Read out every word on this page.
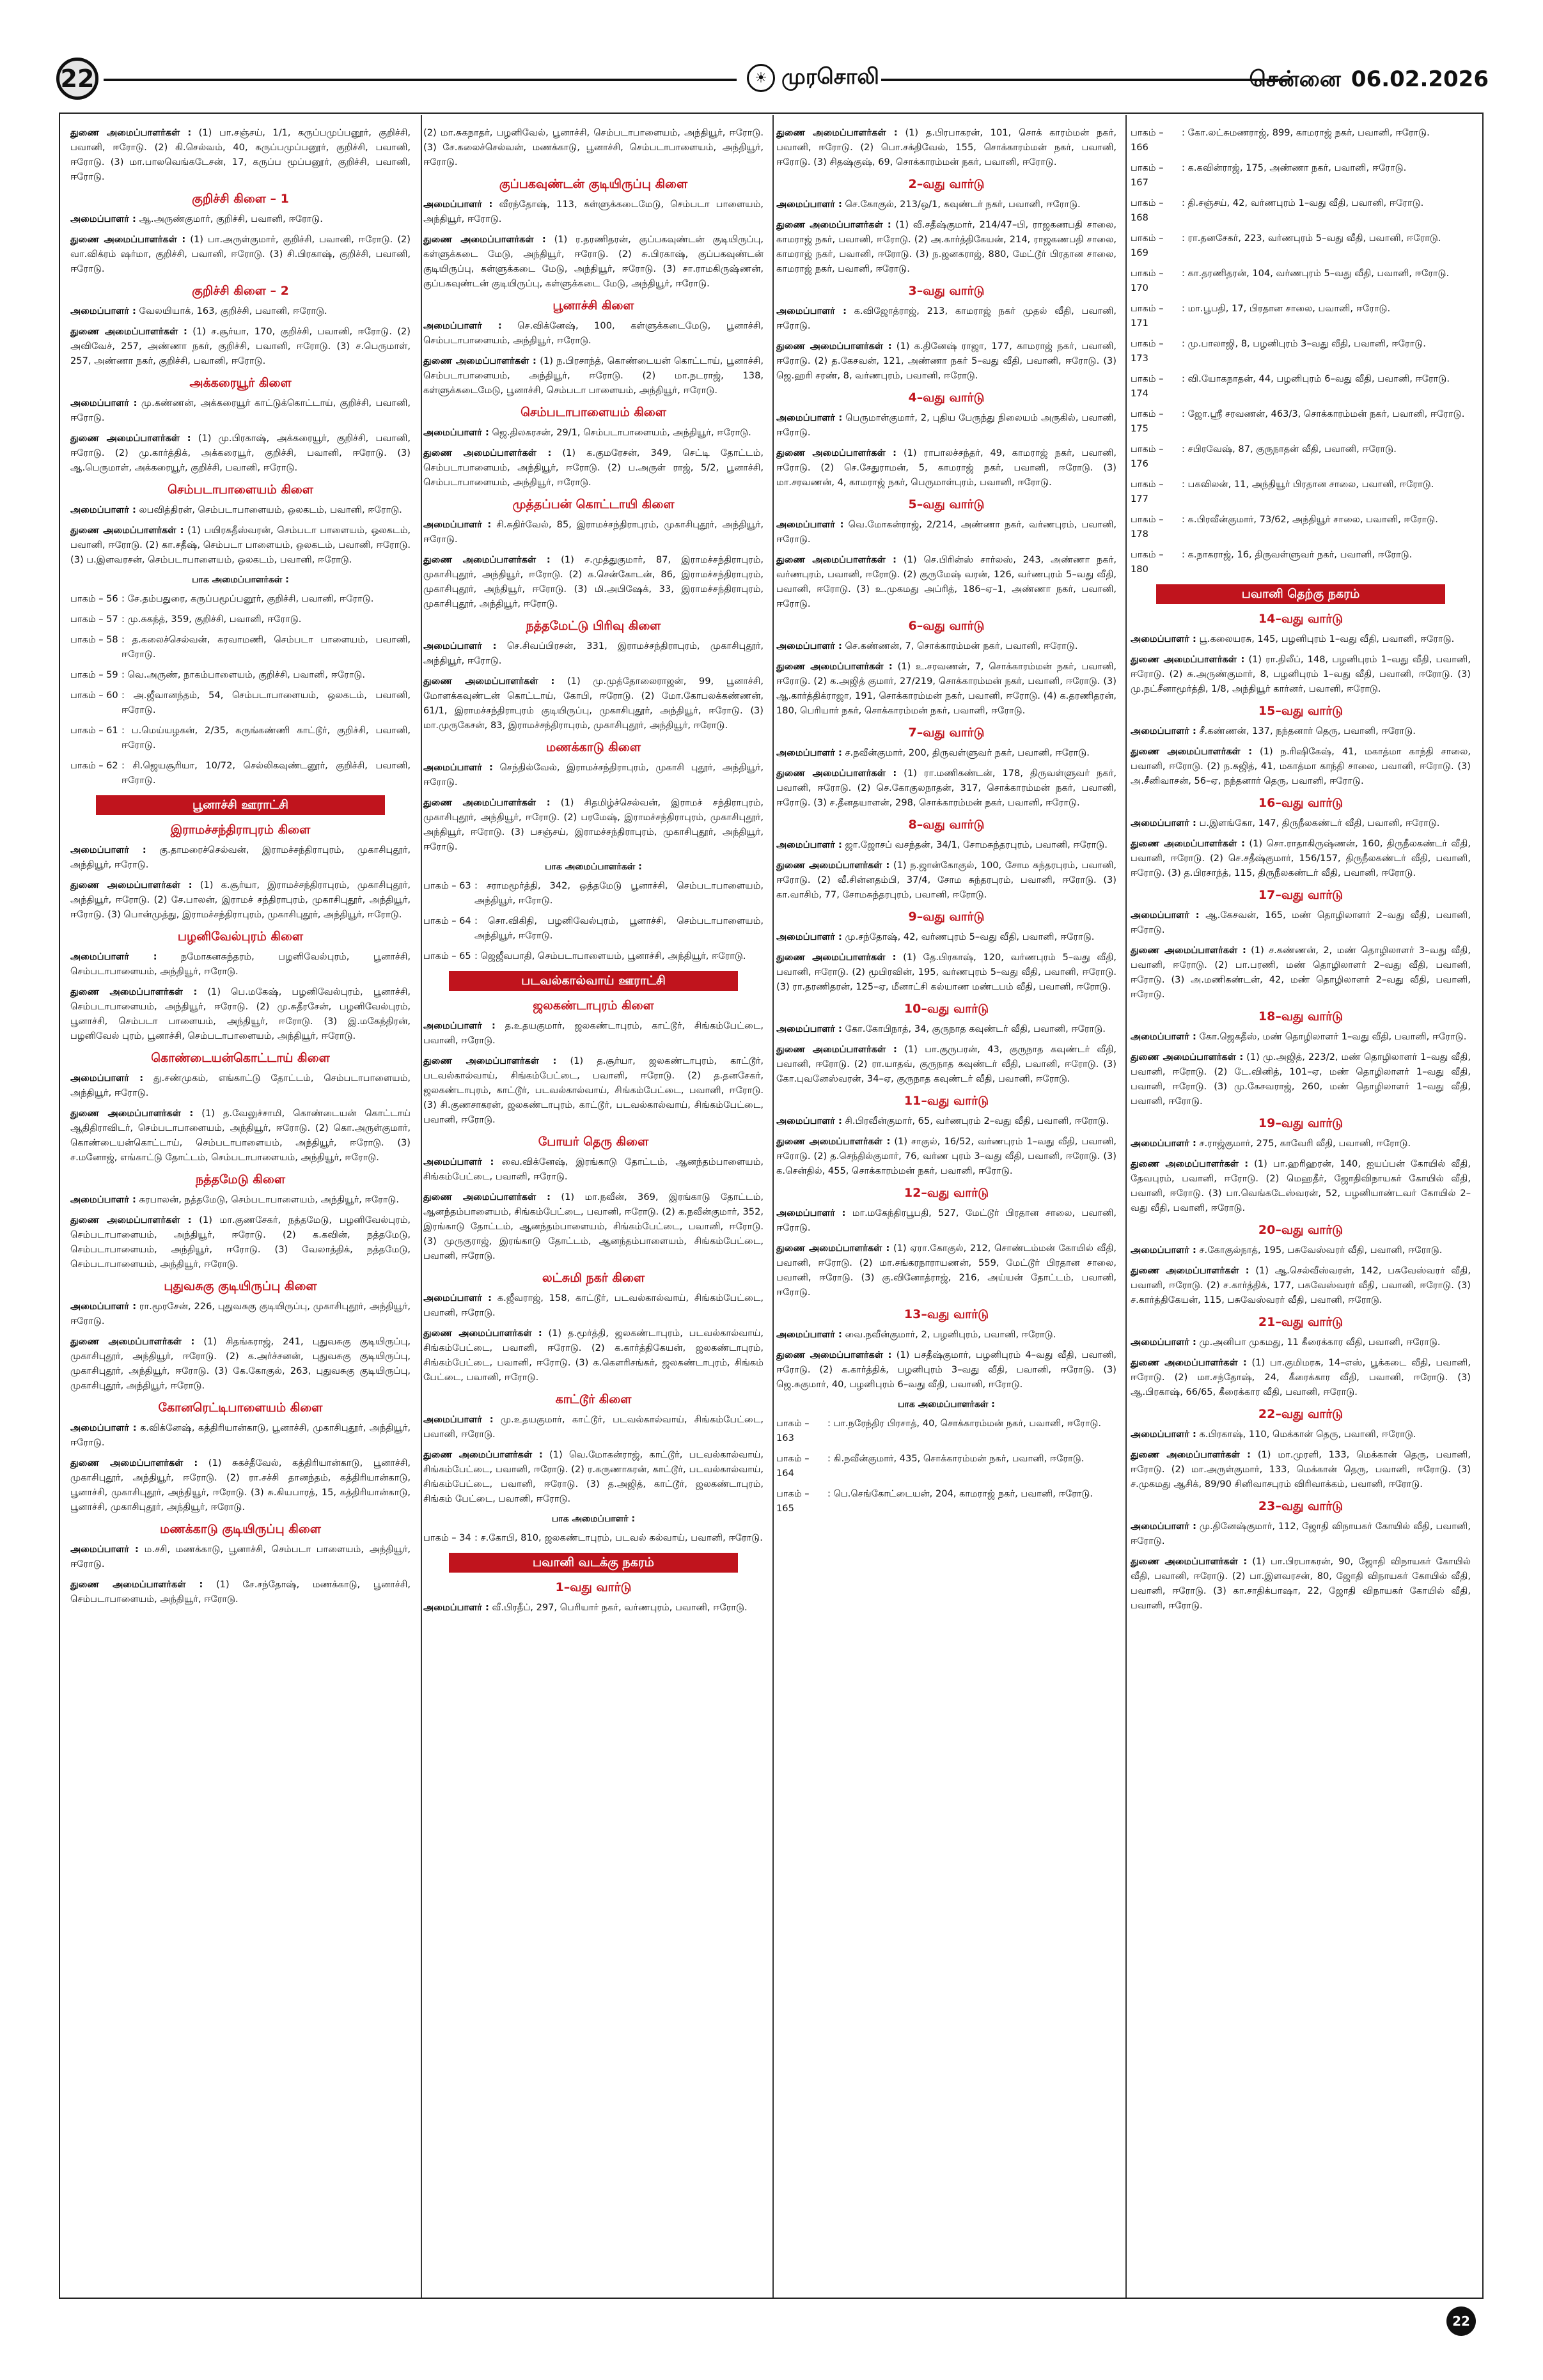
22	☀ முரசொலி	சென்னை 06.02.2026

துணை அமைப்பாளர்கள் : (1) பா.சஞ்சய், 1/1, கருப்பமுப்பனூர், குறிச்சி, பவானி, ஈரோடு. (2) கி.செல்வம், 40, கருப்பமுப்பனூர், குறிச்சி, பவானி, ஈரோடு. (3) மா.பாலவெங்கடேசன், 17, கருப்ப மூப்பனூர், குறிச்சி, பவானி, ஈரோடு.

குறிச்சி கிளை – 1

அமைப்பாளர் : ஆ.அருண்குமார், குறிச்சி, பவானி, ஈரோடு.

துணை அமைப்பாளர்கள் : (1) பா.அருள்குமார், குறிச்சி, பவானி, ஈரோடு. (2) வா.விக்ரம் ஷர்மா, குறிச்சி, பவானி, ஈரோடு. (3) சி.பிரகாஷ், குறிச்சி, பவானி, ஈரோடு.

குறிச்சி கிளை – 2

அமைப்பாளர் : வேலயியாக், 163, குறிச்சி, பவானி, ஈரோடு.

துணை அமைப்பாளர்கள் : (1) ச.சூர்யா, 170, குறிச்சி, பவானி, ஈரோடு. (2) அவிவேச், 257, அண்ணா நகர், குறிச்சி, பவானி, ஈரோடு. (3) ச.பெருமாள், 257, அண்ணா நகர், குறிச்சி, பவானி, ஈரோடு.

அக்கரையூர் கிளை

அமைப்பாளர் : மு.கண்ணன், அக்கரையூர் காட்டுக்கொட்டாய், குறிச்சி, பவானி, ஈரோடு.

துணை அமைப்பாளர்கள் : (1) மு.பிரகாஷ், அக்கரையூர், குறிச்சி, பவானி, ஈரோடு. (2) மு.கார்த்திக், அக்கரையூர், குறிச்சி, பவானி, ஈரோடு. (3) ஆ.பெருமாள், அக்கரையூர், குறிச்சி, பவானி, ஈரோடு.

செம்படாபாளையம் கிளை

அமைப்பாளர் : லபவித்திரன், செம்படாபாளையம், ஒலகடம், பவானி, ஈரோடு.

துணை அமைப்பாளர்கள் : (1) பயிரகதீஸ்வரன், செம்படா பாளையம், ஒலகடம், பவானி, ஈரோடு. (2) கா.சதீஷ், செம்படா பாளையம், ஒலகடம், பவானி, ஈரோடு. (3) ப.இளவரசன், செம்படாபாளையம், ஒலகடம், பவானி, ஈரோடு.

பாக அமைப்பாளர்கள் :
பாகம் – 56 : சே.தம்பதுரை, கருப்பமூப்பனூர், குறிச்சி, பவானி, ஈரோடு.
பாகம் – 57 : மு.சுகந்த், 359, குறிச்சி, பவானி, ஈரோடு.
பாகம் – 58 : த.கலைச்செல்வன், கரவாமணி, செம்படா பாளையம், பவானி, ஈரோடு.
பாகம் – 59 : வெ.அருண், நாகம்பாளையம், குறிச்சி, பவானி, ஈரோடு.
பாகம் – 60 : அ.ஜீவானந்தம், 54, செம்படாபாளையம், ஒலகடம், பவானி, ஈரோடு.
பாகம் – 61 : ப.மெய்யழகன், 2/35, கருங்கண்ணி காட்டூர், குறிச்சி, பவானி, ஈரோடு.
பாகம் – 62 : சி.ஜெயசூரியா, 10/72, செல்லிகவுண்டனூர், குறிச்சி, பவானி, ஈரோடு.
பூனாச்சி ஊராட்சி
இராமச்சந்திராபுரம் கிளை

அமைப்பாளர் : கு.தாமரைச்செல்வன், இராமச்சந்திராபுரம், முகாசிபுதூர், அந்தியூர், ஈரோடு.

துணை அமைப்பாளர்கள் : (1) க.சூர்யா, இராமச்சந்திராபுரம், முகாசிபுதூர், அந்தியூர், ஈரோடு. (2) சே.பாலன், இராமச் சந்திராபுரம், முகாசிபுதூர், அந்தியூர், ஈரோடு. (3) பொன்முத்து, இராமச்சந்திராபுரம், முகாசிபுதூர், அந்தியூர், ஈரோடு.

பழனிவேல்புரம் கிளை

அமைப்பாளர் :	நமோகனசுந்தரம், பழனிவேல்புரம், பூனாச்சி, செம்படாபாளையம், அந்தியூர், ஈரோடு.

துணை அமைப்பாளர்கள் : (1) பெ.மகேஷ், பழனிவேல்புரம், பூனாச்சி, செம்படாபாளையம், அந்தியூர், ஈரோடு. (2) மு.சுதீரசேன், பழனிவேல்புரம், பூனாச்சி, செம்படா பாளையம், அந்தியூர், ஈரோடு. (3) இ.மகேந்திரன், பழனிவேல் புரம், பூனாச்சி, செம்படாபாளையம், அந்தியூர், ஈரோடு.

கொண்டையன்கொட்டாய் கிளை

அமைப்பாளர் : து.சண்முகம், எங்காட்டு தோட்டம், செம்படாபாளையம், அந்தியூர், ஈரோடு.

துணை அமைப்பாளர்கள் : (1) த.வேலுச்சாமி, கொண்டையன் கொட்டாய் ஆதிதிராவிடர், செம்படாபாளையம், அந்தியூர், ஈரோடு. (2) கொ.அருள்குமார், கொண்டையன்கொட்டாய், செம்படாபாளையம், அந்தியூர், ஈரோடு. (3) ச.மனோஜ், எங்காட்டு தோட்டம், செம்படாபாளையம், அந்தியூர், ஈரோடு.

நத்தமேடு கிளை

அமைப்பாளர் : சுரபாலன், நத்தமேடு, செம்படாபாளையம், அந்தியூர், ஈரோடு.

துணை அமைப்பாளர்கள் : (1) மா.குணசேகர், நத்தமேடு, பழனிவேல்புரம், செம்படாபாளையம், அந்தியூர், ஈரோடு. (2) க.கவின், நத்தமேடு, செம்படாபாளையம், அந்தியூர், ஈரோடு. (3) வேலாத்திக், நத்தமேடு, செம்படாபாளையம், அந்தியூர், ஈரோடு.

புதுவசுகு குடியிருப்பு கிளை

அமைப்பாளர் : ரா.மூரசேன், 226, புதுவசுகு குடியிருப்பு, முகாசிபுதூர், அந்தியூர், ஈரோடு.

துணை அமைப்பாளர்கள் : (1) சிதங்கராஜ், 241, புதுவசுகு குடியிருப்பு, முகாசிபுதூர், அந்தியூர், ஈரோடு. (2) க.அர்ச்சனன், புதுவசுகு குடியிருப்பு, முகாசிபுதூர், அந்தியூர், ஈரோடு. (3) கே.கோகுல், 263, புதுவசுகு குடியிருப்பு, முகாசிபுதூர், அந்தியூர், ஈரோடு.

கோனரெட்டிபாளையம் கிளை

அமைப்பாளர் : க.விக்னேஷ், கத்திரியான்காடு, பூனாச்சி, முகாசிபுதூர், அந்தியூர், ஈரோடு.

துணை அமைப்பாளர்கள் : (1) சுகச்தீவேல், கத்திரியான்காடு, பூனாச்சி, முகாசிபுதூர், அந்தியூர், ஈரோடு. (2) ரா.சச்சி தானந்தம், கத்திரியான்காடு, பூனாச்சி, முகாசிபுதூர், அந்தியூர், ஈரோடு. (3) சு.கியபாரத், 15, கத்திரியான்காடு, பூனாச்சி, முகாசிபுதூர், அந்தியூர், ஈரோடு.

மணக்காடு குடியிருப்பு கிளை

அமைப்பாளர் : ம.சசி, மணக்காடு, பூனாச்சி, செம்படா பாளையம், அந்தியூர், ஈரோடு.

துணை அமைப்பாளர்கள் : (1) சே.சந்தோஷ், மணக்காடு, பூனாச்சி, செம்படாபாளையம், அந்தியூர், ஈரோடு.

(2) மா.சுகநாதர், பழனிவேல், பூனாச்சி, செம்படாபாளையம், அந்தியூர், ஈரோடு. (3) சே.கலைச்செல்வன், மணக்காடு, பூனாச்சி, செம்படாபாளையம், அந்தியூர், ஈரோடு.

குப்பகவுண்டன் குடியிருப்பு கிளை

அமைப்பாளர் : வீரந்தோஷ், 113, கள்ளுக்கடைமேடு, செம்படா பாளையம், அந்தியூர், ஈரோடு.

துணை அமைப்பாளர்கள் : (1) ர.தரணிதரன், குப்பகவுண்டன் குடியிருப்பு, கள்ளுக்கடை மேடு, அந்தியூர், ஈரோடு. (2) சு.பிரகாஷ், குப்பகவுண்டன் குடியிருப்பு, கள்ளுக்கடை மேடு, அந்தியூர், ஈரோடு. (3) சா.ராமகிருஷ்ணன், குப்பகவுண்டன் குடியிருப்பு, கள்ளுக்கடை மேடு, அந்தியூர், ஈரோடு.

பூனாச்சி கிளை

அமைப்பாளர் : செ.விக்னேஷ், 100, கள்ளுக்கடைமேடு, பூனாச்சி, செம்படாபாளையம், அந்தியூர், ஈரோடு.

துணை அமைப்பாளர்கள் : (1) ந.பிரசாந்த், கொண்டையன் கொட்டாய், பூனாச்சி, செம்படாபாளையம், அந்தியூர், ஈரோடு. (2) மா.நடராஜ், 138, கள்ளுக்கடைமேடு, பூனாச்சி, செம்படா பாளையம், அந்தியூர், ஈரோடு.

செம்படாபாளையம் கிளை

அமைப்பாளர் : ஜெ.திலகரசன், 29/1, செம்படாபாளையம், அந்தியூர், ஈரோடு.

துணை அமைப்பாளர்கள் : (1) க.குமரேசன், 349, செட்டி தோட்டம், செம்படாபாளையம், அந்தியூர், ஈரோடு. (2) ப.அருள் ராஜ், 5/2, பூனாச்சி, செம்படாபாளையம், அந்தியூர், ஈரோடு.

முத்தப்பன் கொட்டாயி கிளை

அமைப்பாளர் : சி.சுதிர்வேல், 85, இராமச்சந்திராபுரம், முகாசிபுதூர், அந்தியூர், ஈரோடு.

துணை அமைப்பாளர்கள் : (1) ச.முத்துகுமார், 87, இராமச்சந்திராபுரம், முகாசிபுதூர், அந்தியூர், ஈரோடு. (2) க.சென்கோடன், 86, இராமச்சந்திராபுரம், முகாசிபுதூர், அந்தியூர், ஈரோடு. (3) மி.அபிஷேக், 33, இராமச்சந்திராபுரம், முகாசிபுதூர், அந்தியூர், ஈரோடு.

நத்தமேட்டு பிரிவு கிளை

அமைப்பாளர் : செ.சிவப்பிரசன், 331, இராமச்சந்திராபுரம், முகாசிபுதூர், அந்தியூர், ஈரோடு.

துணை அமைப்பாளர்கள் : (1) மு.முத்தோலைராஜன், 99, பூனாச்சி, மோளக்கவுண்டன் கொட்டாய், கோபி, ஈரோடு. (2) மோ.கோபலக்கண்ணன், 61/1, இராமச்சந்திராபுரம் குடியிருப்பு, முகாசிபுதூர், அந்தியூர், ஈரோடு. (3) மா.முருகேசன், 83, இராமச்சந்திராபுரம், முகாசிபுதூர், அந்தியூர், ஈரோடு.

மணக்காடு கிளை

அமைப்பாளர் : செந்தில்வேல், இராமச்சந்திராபுரம், முகாசி புதூர், அந்தியூர், ஈரோடு.

துணை அமைப்பாளர்கள் : (1) சிதமிழ்ச்செல்வன், இராமச் சந்திராபுரம், முகாசிபுதூர், அந்தியூர், ஈரோடு. (2) பரமேஷ், இராமச்சந்திராபுரம், முகாசிபுதூர், அந்தியூர், ஈரோடு. (3) பசஞ்சய், இராமச்சந்திராபுரம், முகாசிபுதூர், அந்தியூர், ஈரோடு.

பாக அமைப்பாளர்கள் :
பாகம் – 63 : சராமமூர்த்தி, 342, ஒத்தமேடு பூனாச்சி, செம்படாபாளையம், அந்தியூர், ஈரோடு.
பாகம் – 64 : சொ.விகிதி, பழனிவேல்புரம், பூனாச்சி, செம்படாபாளையம், அந்தியூர், ஈரோடு.
பாகம் – 65 : ஜெஜீவபாதி, செம்படாபாளையம், பூனாச்சி, அந்தியூர், ஈரோடு.
படவல்கால்வாய் ஊராட்சி
ஜலகண்டாபுரம் கிளை

அமைப்பாளர் : த.உதயகுமார், ஜலகண்டாபுரம், காட்டூர், சிங்கம்பேட்டை, பவானி, ஈரோடு.

துணை அமைப்பாளர்கள் : (1) த.சூர்யா, ஜலகண்டாபுரம், காட்டூர், படவல்கால்வாய், சிங்கம்பேட்டை, பவானி, ஈரோடு. (2) த.தனசேகர், ஜலகண்டாபுரம், காட்டூர், படவல்கால்வாய், சிங்கம்பேட்டை, பவானி, ஈரோடு. (3) சி.குணசாகரன், ஜலகண்டாபுரம், காட்டூர், படவல்கால்வாய், சிங்கம்பேட்டை, பவானி, ஈரோடு.

போயர் தெரு கிளை

அமைப்பாளர் : வை.விக்னேஷ், இரங்காடு தோட்டம், ஆனந்தம்பாளையம், சிங்கம்பேட்டை, பவானி, ஈரோடு.

துணை அமைப்பாளர்கள் : (1) மா.நவீன், 369, இரங்காடு தோட்டம், ஆனந்தம்பாளையம், சிங்கம்பேட்டை, பவானி, ஈரோடு. (2) க.நவீன்குமார், 352, இரங்காடு தோட்டம், ஆனந்தம்பாளையம், சிங்கம்பேட்டை, பவானி, ஈரோடு. (3) முருகுராஜ், இரங்காடு தோட்டம், ஆனந்தம்பாளையம், சிங்கம்பேட்டை, பவானி, ஈரோடு.

லட்சுமி நகர் கிளை

அமைப்பாளர் : க.ஜீவராஜ், 158, காட்டூர், படவல்கால்வாய், சிங்கம்பேட்டை, பவானி, ஈரோடு.

துணை அமைப்பாளர்கள் : (1) த.மூர்த்தி, ஜலகண்டாபுரம், படவல்கால்வாய், சிங்கம்பேட்டை, பவானி, ஈரோடு. (2) க.கார்த்திகேயன், ஜலகண்டாபுரம், சிங்கம்பேட்டை, பவானி, ஈரோடு. (3) க.கௌரிசங்கர், ஜலகண்டாபுரம், சிங்கம் பேட்டை, பவானி, ஈரோடு.

காட்டூர் கிளை

அமைப்பாளர் : மு.உதயகுமார், காட்டூர், படவல்கால்வாய், சிங்கம்பேட்டை, பவானி, ஈரோடு.

துணை அமைப்பாளர்கள் : (1) வெ.மோகன்ராஜ், காட்டூர், படவல்கால்வாய், சிங்கம்பேட்டை, பவானி, ஈரோடு. (2) ர.கருணாகரன், காட்டூர், படவல்கால்வாய், சிங்கம்பேட்டை, பவானி, ஈரோடு. (3) த.அஜித், காட்டூர், ஜலகண்டாபுரம், சிங்கம் பேட்டை, பவானி, ஈரோடு.

பாக அமைப்பாளர் :
பாகம் – 34 : ச.கோபி, 810, ஜலகண்டாபுரம், படவல் கல்வாய், பவானி, ஈரோடு.
பவானி வடக்கு நகரம்
1–வது வார்டு

அமைப்பாளர் : வீ.பிரதீப், 297, பெரியார் நகர், வர்ணபுரம், பவானி, ஈரோடு.

துணை அமைப்பாளர்கள் : (1) த.பிரபாகரன், 101, சொக் காரம்மன் நகர், பவானி, ஈரோடு. (2) பொ.சக்திவேல், 155, சொக்காரம்மன் நகர், பவானி, ஈரோடு. (3) சிதஷ்குஷ், 69, சொக்காரம்மன் நகர், பவானி, ஈரோடு.

2–வது வார்டு

அமைப்பாளர் : செ.கோகுல், 213/ஒ/1, கவுண்டர் நகர், பவானி, ஈரோடு.

துணை அமைப்பாளர்கள் : (1) வீ.சதீஷ்குமார், 214/47–பி, ராஜகணபதி சாலை, காமராஜ் நகர், பவானி, ஈரோடு. (2) அ.கார்த்திகேயன், 214, ராஜகணபதி சாலை, காமராஜ் நகர், பவானி, ஈரோடு. (3) ந.ஜனகராஜ், 880, மேட்டூர் பிரதான சாலை, காமராஜ் நகர், பவானி, ஈரோடு.

3–வது வார்டு

அமைப்பாளர் : க.விஜோத்ராஜ், 213, காமராஜ் நகர் முதல் வீதி, பவானி, ஈரோடு.

துணை அமைப்பாளர்கள் : (1) க.தினேஷ் ராஜா, 177, காமராஜ் நகர், பவானி, ஈரோடு. (2) த.கேசவன், 121, அண்ணா நகர் 5–வது வீதி, பவானி, ஈரோடு. (3) ஜெ.ஹரி சரண், 8, வர்ணபுரம், பவானி, ஈரோடு.

4–வது வார்டு

அமைப்பாளர் : பெருமாள்குமார், 2, புதிய பேருந்து நிலையம் அருகில், பவானி, ஈரோடு.

துணை அமைப்பாளர்கள் : (1) ராபாலச்சந்தர், 49, காமராஜ் நகர், பவானி, ஈரோடு. (2) செ.சேதுராமன், 5, காமராஜ் நகர், பவானி, ஈரோடு. (3) மா.சரவணன், 4, காமராஜ் நகர், பெருமாள்புரம், பவானி, ஈரோடு.

5–வது வார்டு

அமைப்பாளர் : வெ.மோகன்ராஜ், 2/214, அண்ணா நகர், வர்ணபுரம், பவானி, ஈரோடு.

துணை அமைப்பாளர்கள் : (1) செ.பிரின்ஸ் சார்லஸ், 243, அண்ணா நகர், வர்ணபுரம், பவானி, ஈரோடு. (2) குருமேஷ் வரன், 126, வர்ணபுரம் 5–வது வீதி, பவானி, ஈரோடு. (3) உ.முகமது அப்ரித், 186–ஏ–1, அண்ணா நகர், பவானி, ஈரோடு.

6–வது வார்டு

அமைப்பாளர் : செ.கண்ணன், 7, சொக்காரம்மன் நகர், பவானி, ஈரோடு.

துணை அமைப்பாளர்கள் : (1) உ.சரவணன், 7, சொக்காரம்மன் நகர், பவானி, ஈரோடு. (2) க.அஜித் குமார், 27/219, சொக்காரம்மன் நகர், பவானி, ஈரோடு. (3) ஆ.கார்த்திக்ராஜா, 191, சொக்காரம்மன் நகர், பவானி, ஈரோடு. (4) க.தரணிதரன், 180, பெரியார் நகர், சொக்காரம்மன் நகர், பவானி, ஈரோடு.

7–வது வார்டு

அமைப்பாளர் : ச.நவீன்குமார், 200, திருவள்ளுவர் நகர், பவானி, ஈரோடு.

துணை அமைப்பாளர்கள் : (1) ரா.மணிகண்டன், 178, திருவள்ளுவர் நகர், பவானி, ஈரோடு. (2) செ.கோகுலநாதன், 317, சொக்காரம்மன் நகர், பவானி, ஈரோடு. (3) ச.தீனதயாளன், 298, சொக்காரம்மன் நகர், பவானி, ஈரோடு.

8–வது வார்டு

அமைப்பாளர் : ஜா.ஜோசப் வசந்தன், 34/1, சோமசுந்தரபுரம், பவானி, ஈரோடு.

துணை அமைப்பாளர்கள் : (1) ந.ஜான்கோகுல், 100, சோம சுந்தரபுரம், பவானி, ஈரோடு. (2) வீ.சின்னதம்பி, 37/4, சோம சுந்தரபுரம், பவானி, ஈரோடு. (3) கா.வாசிம், 77, சோமசுந்தரபுரம், பவானி, ஈரோடு.

9–வது வார்டு

அமைப்பாளர் : மு.சந்தோஷ், 42, வர்ணபுரம் 5–வது வீதி, பவானி, ஈரோடு.

துணை அமைப்பாளர்கள் : (1) தே.பிரகாஷ், 120, வர்ணபுரம் 5–வது வீதி, பவானி, ஈரோடு. (2) மூபிரவின், 195, வர்ணபுரம் 5–வது வீதி, பவானி, ஈரோடு. (3) ரா.தரணிதரன், 125–ஏ, மீனாட்சி கல்யாண மண்டபம் வீதி, பவானி, ஈரோடு.

10–வது வார்டு

அமைப்பாளர் : கோ.கோபிநாத், 34, குருநாத கவுண்டர் வீதி, பவானி, ஈரோடு.

துணை அமைப்பாளர்கள் : (1) பா.குருபரன், 43, குருநாத கவுண்டர் வீதி, பவானி, ஈரோடு. (2) ரா.யாதவ், குருநாத கவுண்டர் வீதி, பவானி, ஈரோடு. (3) கோ.புவனேஸ்வரன், 34–ஏ, குருநாத கவுண்டர் வீதி, பவானி, ஈரோடு.

11–வது வார்டு

அமைப்பாளர் : சி.பிரவீன்குமார், 65, வர்ணபுரம் 2–வது வீதி, பவானி, ஈரோடு.

துணை அமைப்பாளர்கள் : (1) சாகுல், 16/52, வர்ணபுரம் 1–வது வீதி, பவானி, ஈரோடு. (2) த.செந்தில்குமார், 76, வர்ண புரம் 3–வது வீதி, பவானி, ஈரோடு. (3) க.சென்தில், 455, சொக்காரம்மன் நகர், பவானி, ஈரோடு.

12–வது வார்டு

அமைப்பாளர் : மா.மகேந்திரபூபதி, 527, மேட்டூர் பிரதான சாலை, பவானி, ஈரோடு.

துணை அமைப்பாளர்கள் : (1) ஏரா.கோகுல், 212, சொண்டம்மன் கோயில் வீதி, பவானி, ஈரோடு. (2) மா.சங்கரநாராயணன், 559, மேட்டூர் பிரதான சாலை, பவானி, ஈரோடு. (3) கு.வினோத்ராஜ், 216, அய்யன் தோட்டம், பவானி, ஈரோடு.

13–வது வார்டு

அமைப்பாளர் : வை.நவீன்குமார், 2, பழனிபுரம், பவானி, ஈரோடு.

துணை அமைப்பாளர்கள் : (1) பசதீஷ்குமார், பழனிபுரம் 4–வது வீதி, பவானி, ஈரோடு. (2) க.கார்த்திக், பழனிபுரம் 3–வது வீதி, பவானி, ஈரோடு. (3) ஜெ.சுகுமார், 40, பழனிபுரம் 6–வது வீதி, பவானி, ஈரோடு.

பாக அமைப்பாளர்கள் :
பாகம் – 163
: பா.நரேந்திர பிரசாத், 40, சொக்காரம்மன் நகர், பவானி, ஈரோடு.
பாகம் – 164
: கி.நவீன்குமார், 435, சொக்காரம்மன் நகர், பவானி, ஈரோடு.
பாகம் – 165
: பெ.செங்கோட்டையன், 204, காமராஜ் நகர், பவானி, ஈரோடு.
பாகம் – 166
: கோ.லட்சுமணராஜ், 899, காமராஜ் நகர், பவானி, ஈரோடு.
பாகம் – 167
: க.கவின்ராஜ், 175, அண்ணா நகர், பவானி, ஈரோடு.
பாகம் – 168
: தி.சஞ்சய், 42, வர்ணபுரம் 1–வது வீதி, பவானி, ஈரோடு.
பாகம் – 169
: ரா.தனசேகர், 223, வர்ணபுரம் 5–வது வீதி, பவானி, ஈரோடு.
பாகம் – 170
: கா.தரணிதரன், 104, வர்ணபுரம் 5–வது வீதி, பவானி, ஈரோடு.
பாகம் – 171
: மா.பூபதி, 17, பிரதான சாலை, பவானி, ஈரோடு.
பாகம் – 173
: மு.பாலாஜி, 8, பழனிபுரம் 3–வது வீதி, பவானி, ஈரோடு.
பாகம் – 174
: வி.யோகநாதன், 44, பழனிபுரம் 6–வது வீதி, பவானி, ஈரோடு.
பாகம் – 175
: ஜோ.ஸ்ரீ சரவணன், 463/3, சொக்காரம்மன் நகர், பவானி, ஈரோடு.
பாகம் – 176
: சபிரவேஷ், 87, குருநாதன் வீதி, பவானி, ஈரோடு.
பாகம் – 177
: பகவிலன், 11, அந்தியூர் பிரதான சாலை, பவானி, ஈரோடு.
பாகம் – 178
: க.பிரவீன்குமார், 73/62, அந்தியூர் சாலை, பவானி, ஈரோடு.
பாகம் – 180
: க.நாகராஜ், 16, திருவள்ளுவர் நகர், பவானி, ஈரோடு.
பவானி தெற்கு நகரம்
14–வது வார்டு

அமைப்பாளர் : பூ.கலையரசு, 145, பழனிபுரம் 1–வது வீதி, பவானி, ஈரோடு.

துணை அமைப்பாளர்கள் : (1) ரா.திலீப், 148, பழனிபுரம் 1–வது வீதி, பவானி, ஈரோடு. (2) சு.அருண்குமார், 8, பழனிபுரம் 1–வது வீதி, பவானி, ஈரோடு. (3) மு.நட்சீனாமூர்த்தி, 1/8, அந்தியூர் கார்னர், பவானி, ஈரோடு.

15–வது வார்டு

அமைப்பாளர் : சீ.கண்ணன், 137, நந்தனார் தெரு, பவானி, ஈரோடு.

துணை அமைப்பாளர்கள் : (1) ந.ரிஷிகேஷ், 41, மகாத்மா காந்தி சாலை, பவானி, ஈரோடு. (2) ந.சுஜித், 41, மகாத்மா காந்தி சாலை, பவானி, ஈரோடு. (3) அ.சீனிவாசன், 56–ஏ, நந்தனார் தெரு, பவானி, ஈரோடு.

16–வது வார்டு

அமைப்பாளர் : ப.இளங்கோ, 147, திருநீலகண்டர் வீதி, பவானி, ஈரோடு.

துணை அமைப்பாளர்கள் : (1) சொ.ராதாகிருஷ்ணன், 160, திருநீலகண்டர் வீதி, பவானி, ஈரோடு. (2) செ.சதீஷ்குமார், 156/157, திருநீலகண்டர் வீதி, பவானி, ஈரோடு. (3) த.பிரசாந்த், 115, திருநீலகண்டர் வீதி, பவானி, ஈரோடு.

17–வது வார்டு

அமைப்பாளர் : ஆ.கேசவன், 165, மண் தொழிலாளர் 2–வது வீதி, பவானி, ஈரோடு.

துணை அமைப்பாளர்கள் : (1) ச.கண்ணன், 2, மண் தொழிலாளர் 3–வது வீதி, பவானி, ஈரோடு. (2) பா.பரணி, மண் தொழிலாளர் 2–வது வீதி, பவானி, ஈரோடு. (3) அ.மணிகண்டன், 42, மண் தொழிலாளர் 2–வது வீதி, பவானி, ஈரோடு.

18–வது வார்டு

அமைப்பாளர் : கோ.ஜெகதீஸ், மண் தொழிலாளர் 1–வது வீதி, பவானி, ஈரோடு.

துணை அமைப்பாளர்கள் : (1) மு.அஜித், 223/2, மண் தொழிலாளர் 1–வது வீதி, பவானி, ஈரோடு. (2) டே.வினித், 101–ஏ, மண் தொழிலாளர் 1–வது வீதி, பவானி, ஈரோடு. (3) மு.கேசவராஜ், 260, மண் தொழிலாளர் 1–வது வீதி, பவானி, ஈரோடு.

19–வது வார்டு

அமைப்பாளர் : ச.ராஜ்குமார், 275, காவேரி வீதி, பவானி, ஈரோடு.

துணை அமைப்பாளர்கள் : (1) பா.ஹரிஹரன், 140, ஐயப்பன் கோயில் வீதி, தேவபுரம், பவானி, ஈரோடு. (2) மெஹதீர், ஜோதிவிநாயகர் கோயில் வீதி, பவானி, ஈரோடு. (3) பா.வெங்கடேஸ்வரன், 52, பழனியாண்டவர் கோயில் 2–வது வீதி, பவானி, ஈரோடு.

20–வது வார்டு

அமைப்பாளர் : ச.கோகுல்நாத், 195, பசுவேஸ்வரர் வீதி, பவானி, ஈரோடு.

துணை அமைப்பாளர்கள் : (1) ஆ.செல்வீஸ்வரன், 142, பசுவேஸ்வரர் வீதி, பவானி, ஈரோடு. (2) ச.கார்த்திக், 177, பசுவேஸ்வரர் வீதி, பவானி, ஈரோடு. (3) ச.கார்த்திகேயன், 115, பசுவேஸ்வரர் வீதி, பவானி, ஈரோடு.

21–வது வார்டு

அமைப்பாளர் : மு.அனிபா முகமது, 11 கீரைக்கார வீதி, பவானி, ஈரோடு.

துணை அமைப்பாளர்கள் : (1) பா.குமிமரசு, 14–எஸ், பூக்கடை வீதி, பவானி, ஈரோடு. (2) மா.சந்தோஷ், 24, கீரைக்கார வீதி, பவானி, ஈரோடு. (3) ஆ.பிரகாஷ், 66/65, கீரைக்கார வீதி, பவானி, ஈரோடு.

22–வது வார்டு

அமைப்பாளர் : க.பிரகாஷ், 110, மெக்கான் தெரு, பவானி, ஈரோடு.

துணை அமைப்பாளர்கள் : (1) மா.முரளி, 133, மெக்கான் தெரு, பவானி, ஈரோடு. (2) மா.அருள்குமார், 133, மெக்கான் தெரு, பவானி, ஈரோடு. (3) ச.முகமது ஆசிக், 89/90 சினிவாசபுரம் விரிவாக்கம், பவானி, ஈரோடு.

23–வது வார்டு

அமைப்பாளர் : மு.தினேஷ்குமார், 112, ஜோதி விநாயகர் கோயில் வீதி, பவானி, ஈரோடு.

துணை அமைப்பாளர்கள் : (1) பா.பிரபாகரன், 90, ஜோதி விநாயகர் கோயில் வீதி, பவானி, ஈரோடு. (2) பா.இளவரசன், 80, ஜோதி விநாயகர் கோயில் வீதி, பவானி, ஈரோடு. (3) கா.சாதிக்பாஷா, 22, ஜோதி விநாயகர் கோயில் வீதி, பவானி, ஈரோடு.

22
